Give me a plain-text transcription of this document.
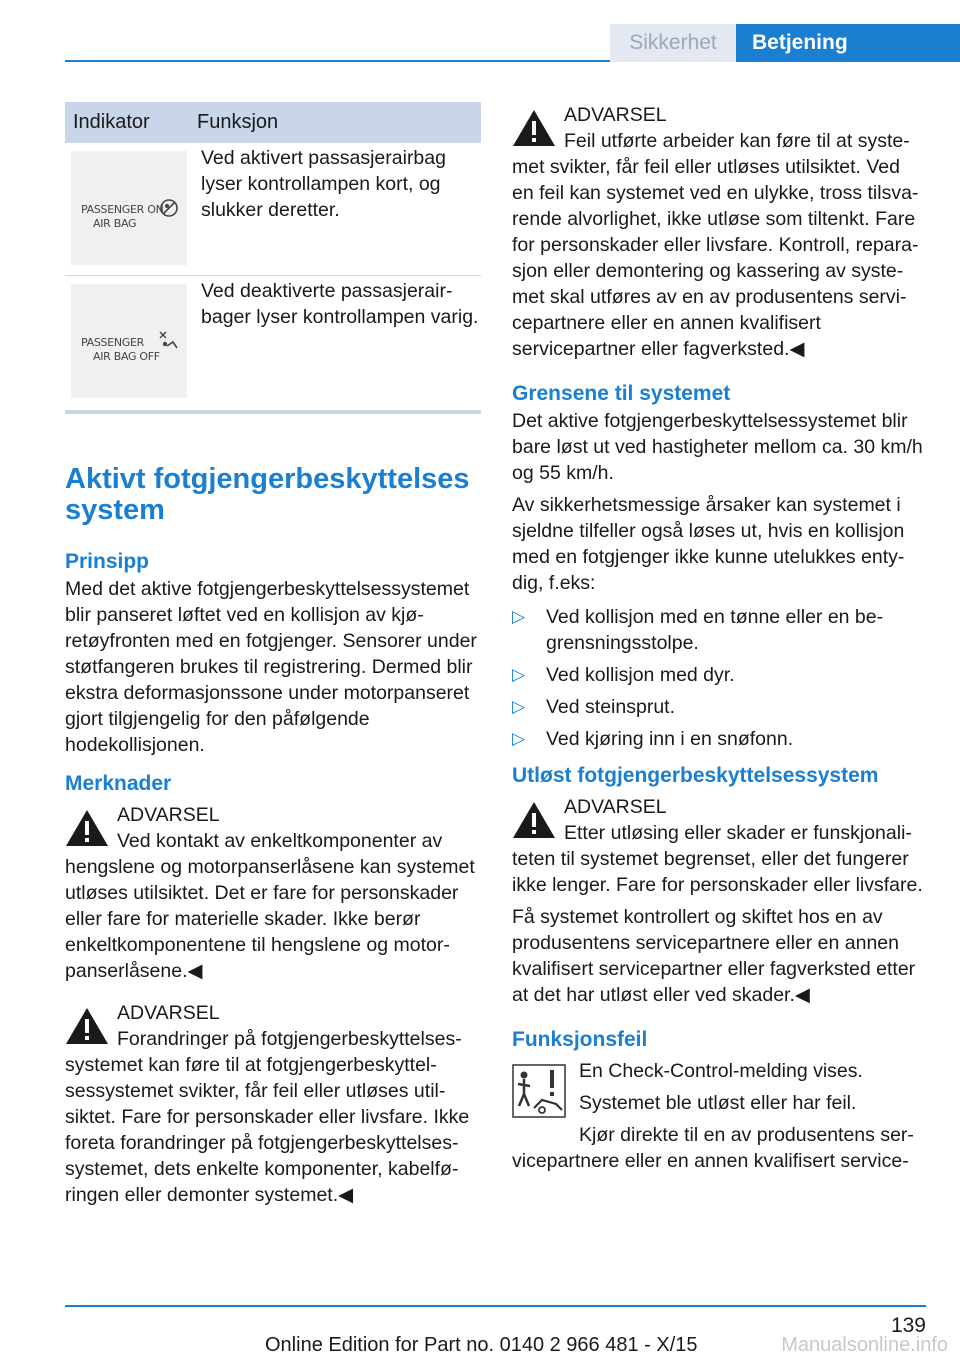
Sikkerhet	Betjening
Indikator	Funksjon

PASSENGER ON
AIR BAG	Ved aktivert passasjerairbag lyser kontrollampen kort, og slukker deretter.

PASSENGER
AIR BAG OFF	Ved deaktiverte passasjerairbager lyser kontrollampen varig.
Aktivt fotgjengerbeskyttelsessystem
Prinsipp

Med det aktive fotgjengerbeskyttelsessystemet blir panseret løftet ved en kollisjon av kjøretøyfronten med en fotgjenger. Sensorer under støtfangeren brukes til registrering. Dermed blir ekstra deformasjonssone under motorpanseret gjort tilgjengelig for den påfølgende hodekollisjonen.

Merknader
ADVARSEL
Ved kontakt av enkeltkomponenter av hengslene og motorpanserlåsene kan systemet utløses utilsiktet. Det er fare for personskader eller fare for materielle skader. Ikke berør enkeltkomponentene til hengslene og motorpanserlåsene.◀
ADVARSEL
Forandringer på fotgjengerbeskyttelsessystemet kan føre til at fotgjengerbeskyttelsessystemet svikter, får feil eller utløses utilsiktet. Fare for personskader eller livsfare. Ikke foreta forandringer på fotgjengerbeskyttelsessystemet, dets enkelte komponenter, kabelføringen eller demonter systemet.◀
ADVARSEL
Feil utførte arbeider kan føre til at systemet svikter, får feil eller utløses utilsiktet. Ved en feil kan systemet ved en ulykke, tross tilsvarende alvorlighet, ikke utløse som tiltenkt. Fare for personskader eller livsfare. Kontroll, reparasjon eller demontering og kassering av systemet skal utføres av en av produsentens servicepartnere eller en annen kvalifisert servicepartner eller fagverksted.◀
Grensene til systemet

Det aktive fotgjengerbeskyttelsessystemet blir bare løst ut ved hastigheter mellom ca. 30 km/h og 55 km/h.

Av sikkerhetsmessige årsaker kan systemet i sjeldne tilfeller også løses ut, hvis en kollisjon med en fotgjenger ikke kunne utelukkes entydig, f.eks:

▷ Ved kollisjon med en tønne eller en begrensningsstolpe.
▷ Ved kollisjon med dyr.
▷ Ved steinsprut.
▷ Ved kjøring inn i en snøfonn.
Utløst fotgjengerbeskyttelsessystem
ADVARSEL
Etter utløsing eller skader er funskjonaliteten til systemet begrenset, eller det fungerer ikke lenger. Fare for personskader eller livsfare.

Få systemet kontrollert og skiftet hos en av produsentens servicepartnere eller en annen kvalifisert servicepartner eller fagverksted etter at det har utløst eller ved skader.◀

Funksjonsfeil

En Check-Control-melding vises.

Systemet ble utløst eller har feil.

Kjør direkte til en av produsentens servicepartnere eller en annen kvalifisert service-

139
Online Edition for Part no. 0140 2 966 481 - X/15	Manualsonline.info
